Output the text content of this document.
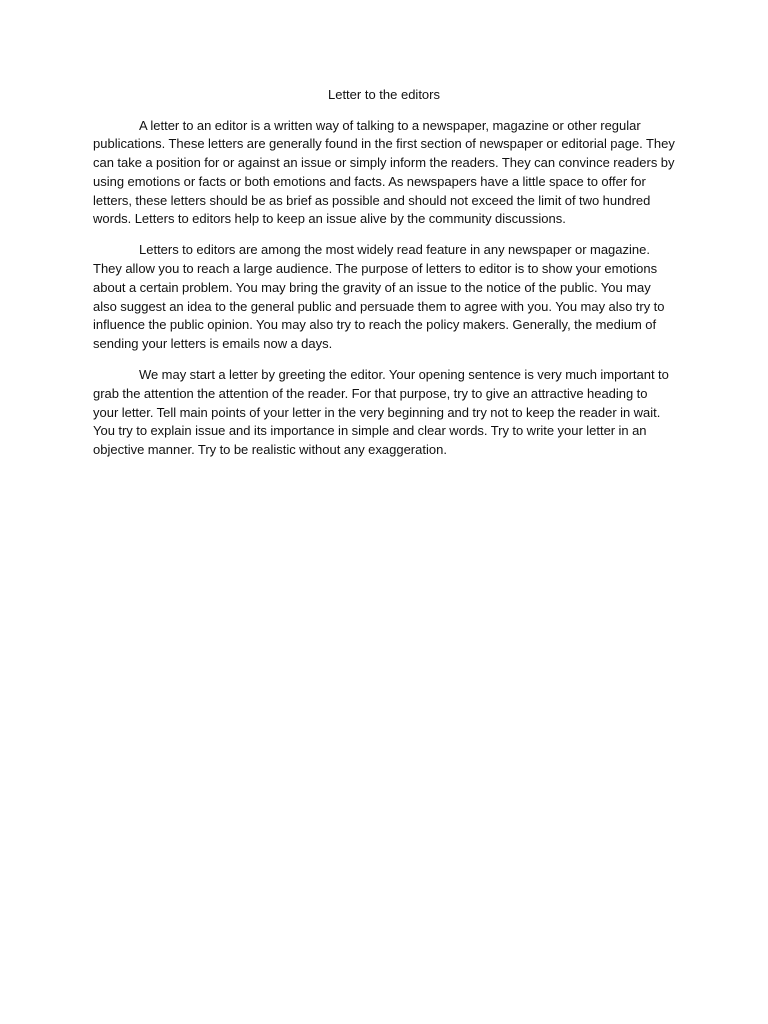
Letter to the editors

A letter to an editor is a written way of talking to a newspaper, magazine or other regular publications. These letters are generally found in the first section of newspaper or editorial page. They can take a position for or against an issue or simply inform the readers. They can convince readers by using emotions or facts or both emotions and facts. As newspapers have a little space to offer for letters, these letters should be as brief as possible and should not exceed the limit of two hundred words. Letters to editors help to keep an issue alive by the community discussions.

Letters to editors are among the most widely read feature in any newspaper or magazine. They allow you to reach a large audience. The purpose of letters to editor is to show your emotions about a certain problem. You may bring the gravity of an issue to the notice of the public. You may also suggest an idea to the general public and persuade them to agree with you. You may also try to influence the public opinion. You may also try to reach the policy makers. Generally, the medium of sending your letters is emails now a days.

We may start a letter by greeting the editor. Your opening sentence is very much important to grab the attention the attention of the reader. For that purpose, try to give an attractive heading to your letter. Tell main points of your letter in the very beginning and try not to keep the reader in wait. You try to explain issue and its importance in simple and clear words. Try to write your letter in an objective manner. Try to be realistic without any exaggeration.
